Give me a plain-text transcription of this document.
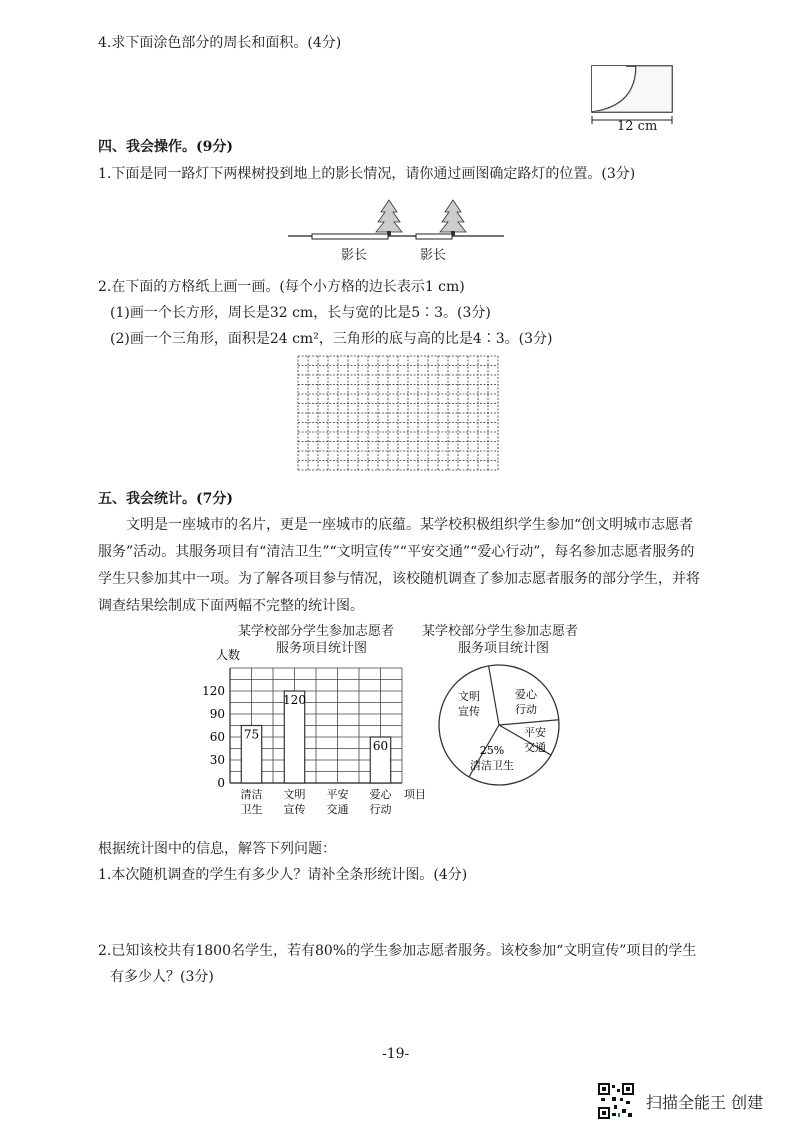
4.求下面涂色部分的周长和面积。(4分)
12 cm
四、我会操作。(9分)
1.下面是同一路灯下两棵树投到地上的影长情况，请你通过画图确定路灯的位置。(3分)
影长	影长
2.在下面的方格纸上画一画。(每个小方格的边长表示1 cm)
(1)画一个长方形，周长是32 cm，长与宽的比是5∶3。(3分)
(2)画一个三角形，面积是24 cm²，三角形的底与高的比是4∶3。(3分)
五、我会统计。(7分)
文明是一座城市的名片，更是一座城市的底蕴。某学校积极组织学生参加“创文明城市志愿者
服务”活动。其服务项目有“清洁卫生”“文明宣传”“平安交通”“爱心行动”，每名参加志愿者服务的
学生只参加其中一项。为了解各项目参与情况，该校随机调查了参加志愿者服务的部分学生，并将
调查结果绘制成下面两幅不完整的统计图。
某学校部分学生参加志愿者
服务项目统计图
人数
0
30
60
90
120
75
清洁
卫生
120
文明
宣传
平安
交通
60
爱心
行动
项目
某学校部分学生参加志愿者
服务项目统计图
文明
宣传
爱心
行动
平安
交通
25%
清洁卫生
根据统计图中的信息，解答下列问题：
1.本次随机调查的学生有多少人？请补全条形统计图。(4分)
2.已知该校共有1800名学生，若有80%的学生参加志愿者服务。该校参加“文明宣传”项目的学生
有多少人？(3分)
-19-
扫描全能王 创建
